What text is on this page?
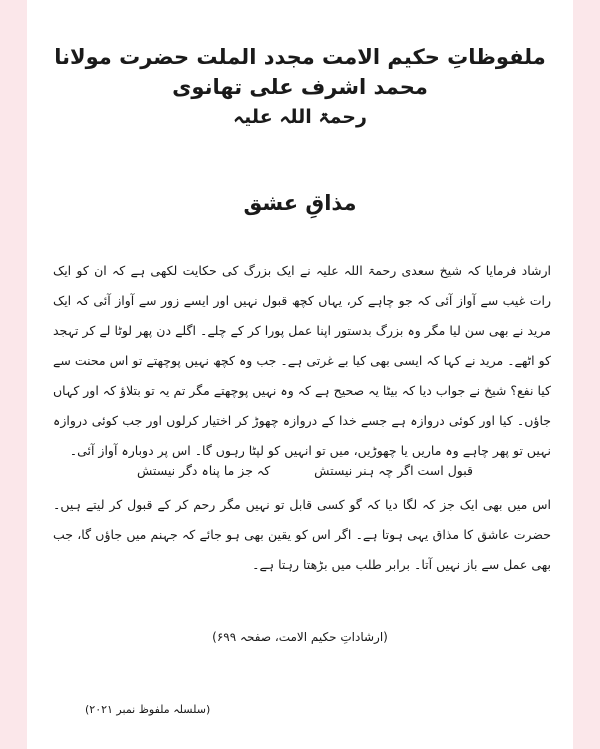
ملفوظاتِ حکیم الامت مجدد الملت حضرت مولانا محمد اشرف علی تھانوی
رحمۃ اللہ علیہ
مذاقِ عشق
ارشاد فرمایا کہ شیخ سعدی رحمۃ اللہ علیہ نے ایک بزرگ کی حکایت لکھی ہے کہ ان کو ایک رات غیب سے آواز آئی کہ جو چاہے کر، یہاں کچھ قبول نہیں اور ایسے زور سے آواز آئی کہ ایک مرید نے بھی سن لیا مگر وہ بزرگ بدستور اپنا عمل پورا کر کے چلے۔ اگلے دن پھر لوٹا لے کر تہجد کو اٹھے۔ مرید نے کہا کہ ایسی بھی کیا بے غرتی ہے۔ جب وہ کچھ نہیں پوچھتے تو اس محنت سے کیا نفع؟ شیخ نے جواب دیا کہ بیٹا یہ صحیح ہے کہ وہ نہیں پوچھتے مگر تم یہ تو بتلاؤ کہ اور کہاں جاؤں۔ کیا اور کوئی دروازہ ہے جسے خدا کے دروازہ چھوڑ کر اختیار کرلوں اور جب کوئی دروازہ نہیں تو پھر چاہے وہ ماریں یا چھوڑیں، میں تو انہیں کو لپٹا رہوں گا۔ اس پر دوبارہ آواز آئی۔
قبول است اگر چہ ہنر نیستش
کہ جز ما پناہ دگر نیستش
اس میں بھی ایک جز کہ لگا دیا کہ گو کسی قابل تو نہیں مگر رحم کر کے قبول کر لیتے ہیں۔ حضرت عاشق کا مذاق یہی ہوتا ہے۔ اگر اس کو یقین بھی ہو جائے کہ جہنم میں جاؤں گا، جب بھی عمل سے باز نہیں آتا۔ برابر طلب میں بڑھتا رہتا ہے۔
(ارشاداتِ حکیم الامت، صفحہ ۶۹۹)
(سلسلہ ملفوظ نمبر ۲۰۲۱)
